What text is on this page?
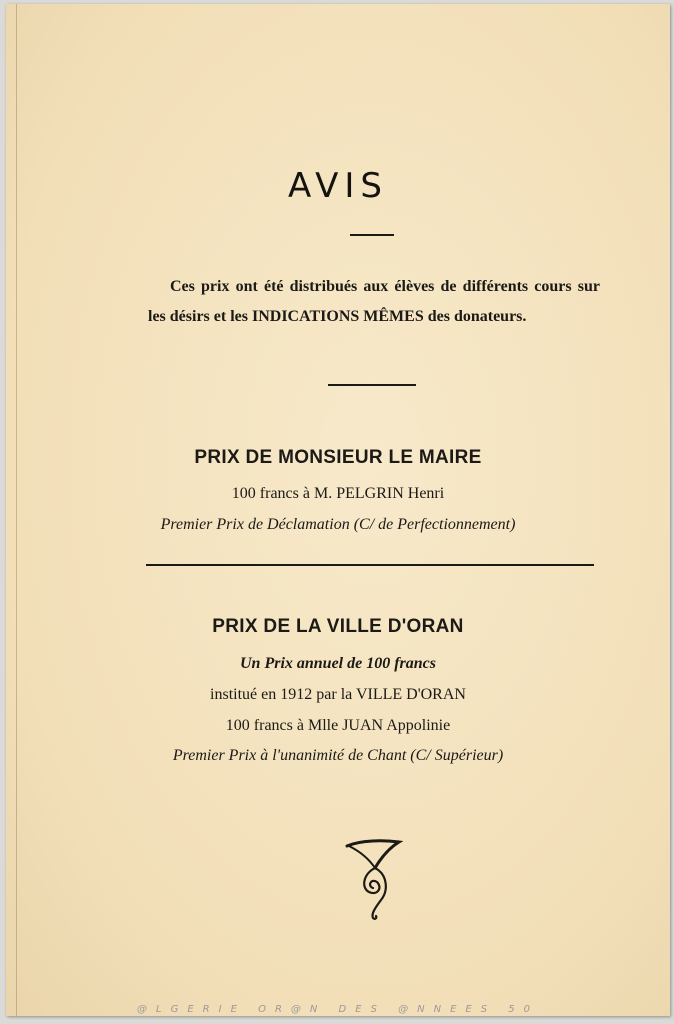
AVIS
Ces prix ont été distribués aux élèves de différents cours sur les désirs et les INDICATIONS MÊMES des donateurs.
PRIX DE MONSIEUR LE MAIRE
100 francs à M. PELGRIN Henri
Premier Prix de Déclamation (C/ de Perfectionnement)
PRIX DE LA VILLE D'ORAN
Un Prix annuel de 100 francs
institué en 1912 par la VILLE D'ORAN
100 francs à Mlle JUAN Appolinie
Premier Prix à l'unanimité de Chant (C/ Supérieur)
@LGERIE OR@N DES @NNEES 50
